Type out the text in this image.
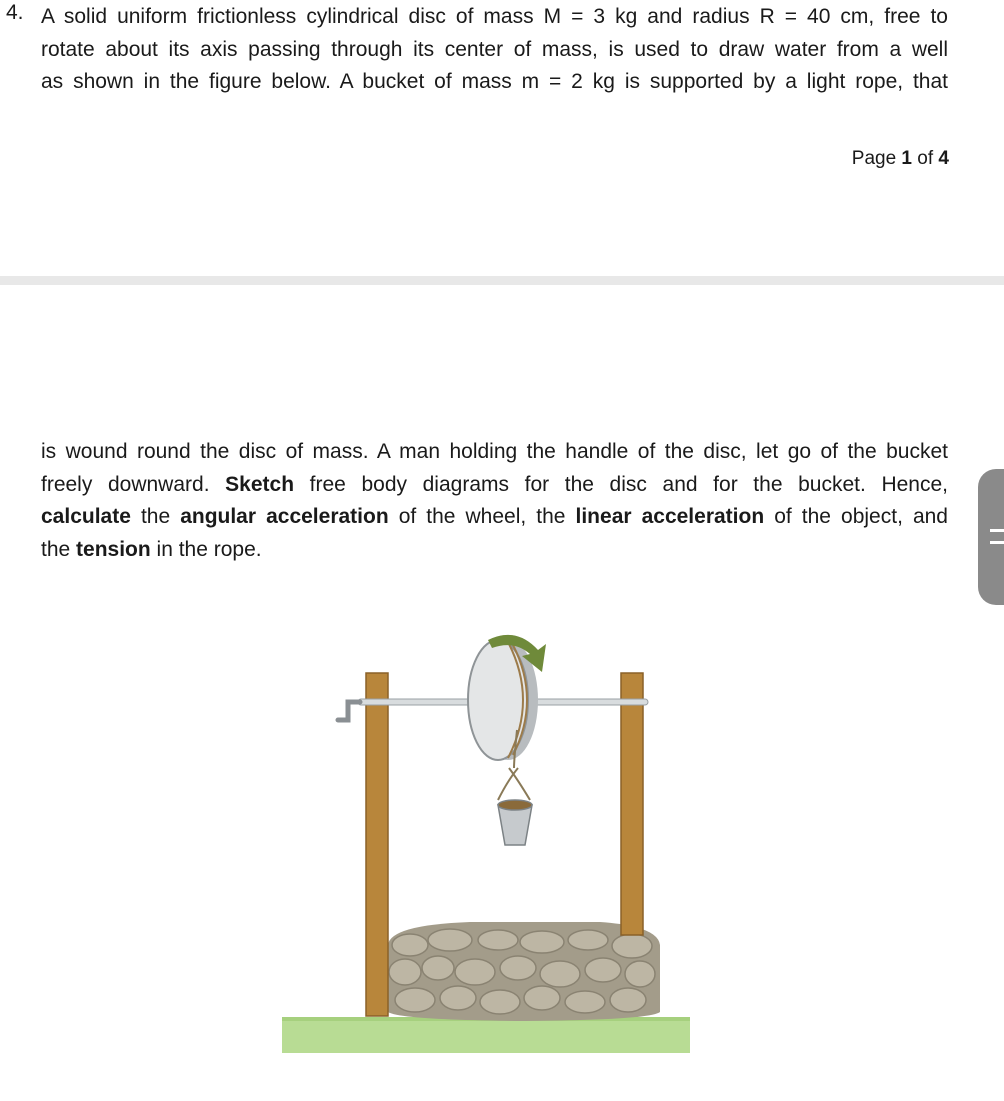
4. A solid uniform frictionless cylindrical disc of mass M = 3 kg and radius R = 40 cm, free to
rotate about its axis passing through its center of mass, is used to draw water from a well
as shown in the figure below. A bucket of mass m = 2 kg is supported by a light rope, that
Page 1 of 4
is wound round the disc of mass. A man holding the handle of the disc, let go of the bucket
freely downward. Sketch free body diagrams for the disc and for the bucket. Hence,
calculate the angular acceleration of the wheel, the linear acceleration of the object, and
the tension in the rope.
